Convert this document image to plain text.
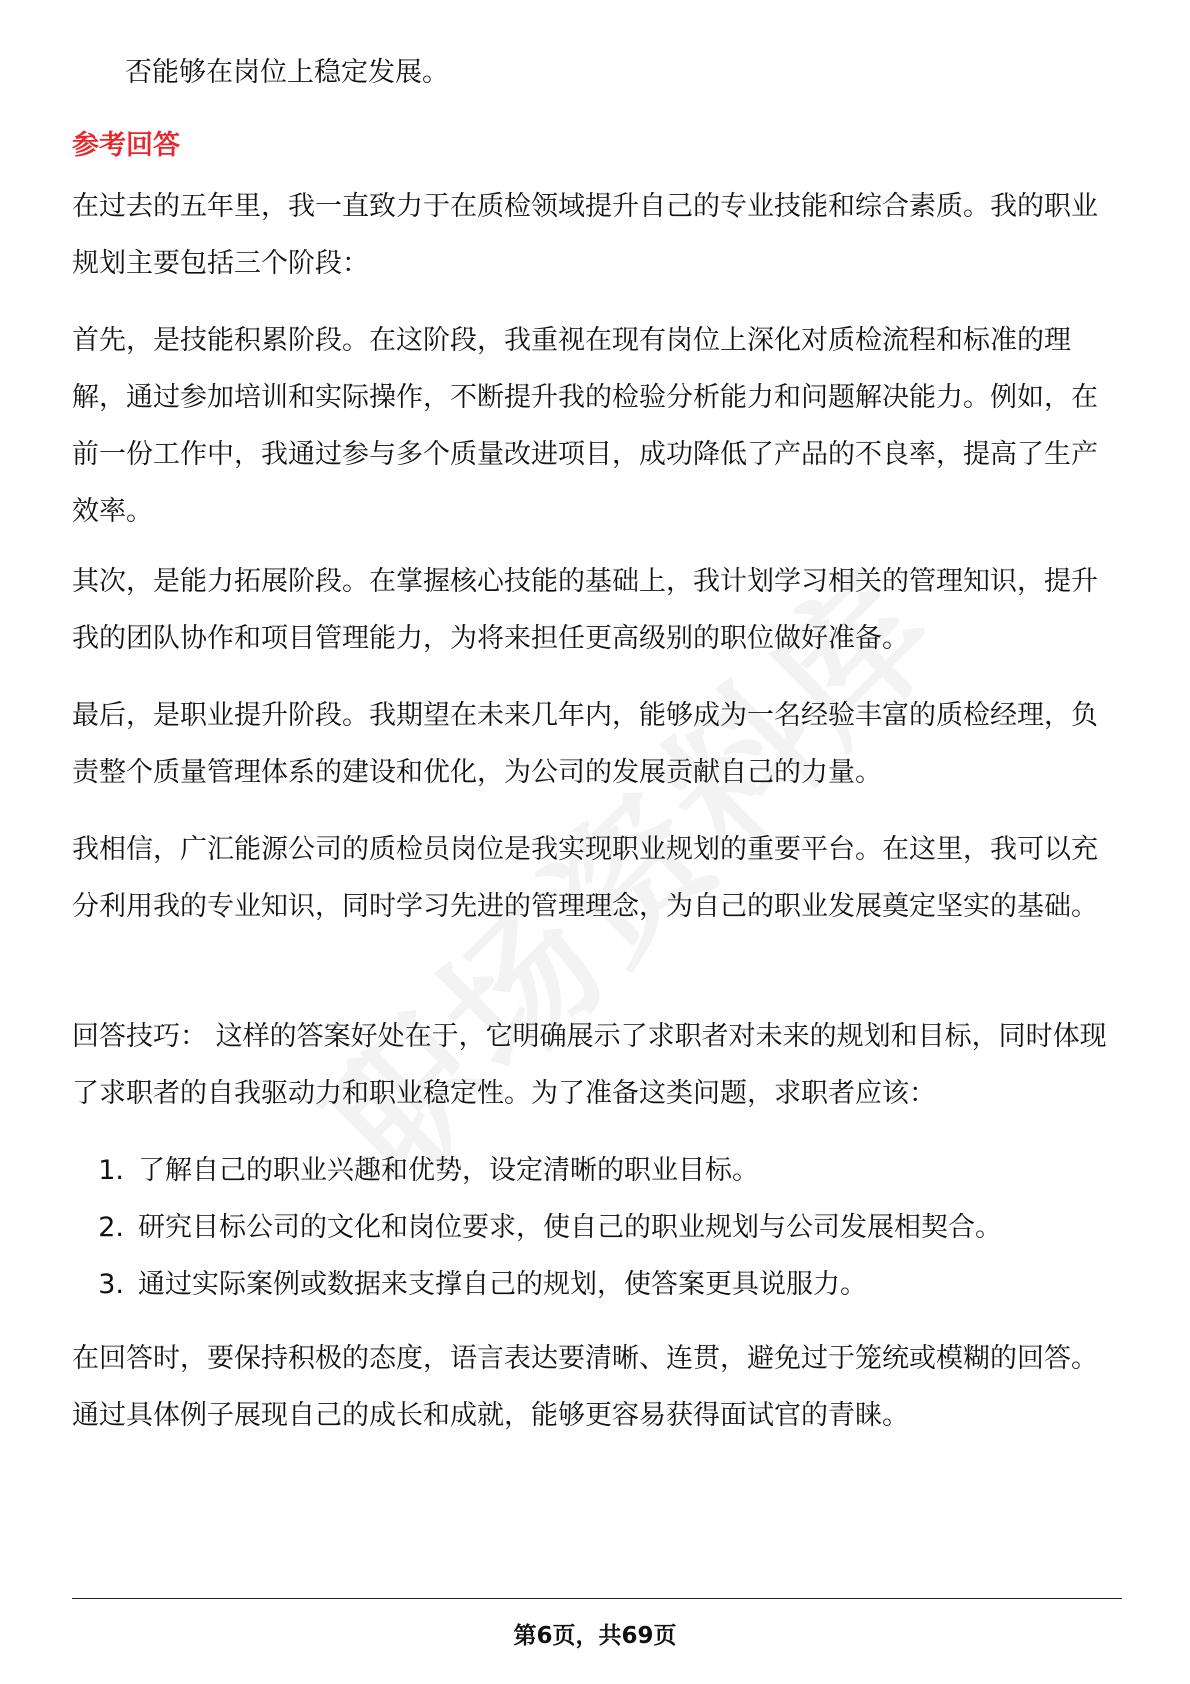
否能够在岗位上稳定发展。

参考回答

在过去的五年里，我一直致力于在质检领域提升自己的专业技能和综合素质。我的职业规划主要包括三个阶段：

首先，是技能积累阶段。在这阶段，我重视在现有岗位上深化对质检流程和标准的理解，通过参加培训和实际操作，不断提升我的检验分析能力和问题解决能力。例如，在前一份工作中，我通过参与多个质量改进项目，成功降低了产品的不良率，提高了生产效率。

其次，是能力拓展阶段。在掌握核心技能的基础上，我计划学习相关的管理知识，提升我的团队协作和项目管理能力，为将来担任更高级别的职位做好准备。

最后，是职业提升阶段。我期望在未来几年内，能够成为一名经验丰富的质检经理，负责整个质量管理体系的建设和优化，为公司的发展贡献自己的力量。

我相信，广汇能源公司的质检员岗位是我实现职业规划的重要平台。在这里，我可以充分利用我的专业知识，同时学习先进的管理理念，为自己的职业发展奠定坚实的基础。

回答技巧： 这样的答案好处在于，它明确展示了求职者对未来的规划和目标，同时体现了求职者的自我驱动力和职业稳定性。为了准备这类问题，求职者应该：

1. 了解自己的职业兴趣和优势，设定清晰的职业目标。
2. 研究目标公司的文化和岗位要求，使自己的职业规划与公司发展相契合。
3. 通过实际案例或数据来支撑自己的规划，使答案更具说服力。

在回答时，要保持积极的态度，语言表达要清晰、连贯，避免过于笼统或模糊的回答。通过具体例子展现自己的成长和成就，能够更容易获得面试官的青睐。

第6页，共69页
